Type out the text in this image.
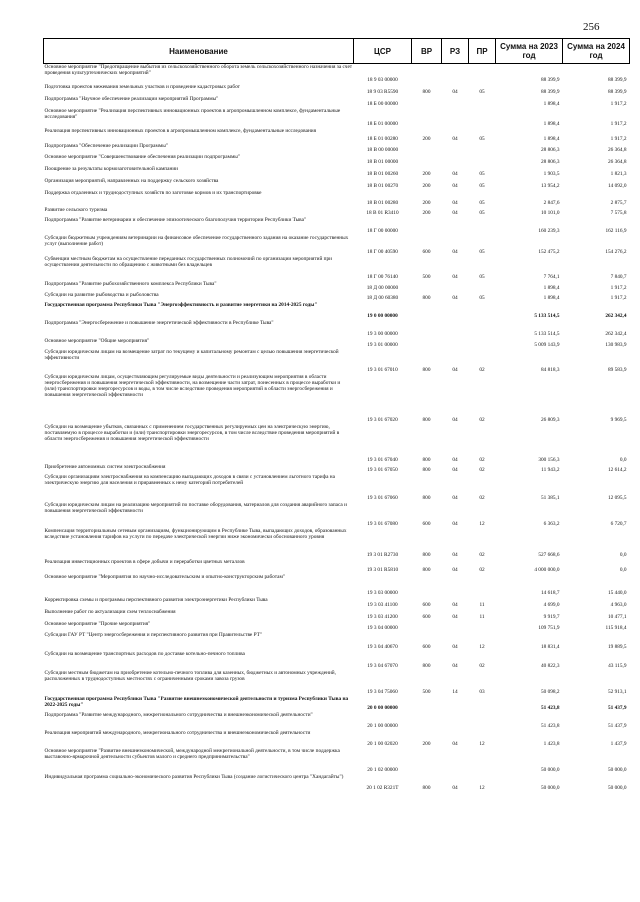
256
Наименование	ЦСР	ВР	РЗ	ПР	Сумма на 2023 год	Сумма на 2024 год
Основное мероприятие "Предотвращение выбытия из сельскохозяйственного оборота земель сельскохозяйственного назначения за счет проведения культуртехнических мероприятий"	18 9 03 00000				88 399,9	88 399,9
Подготовка проектов межевания земельных участков и проведение кадастровых работ	18 9 03 R5590	800	04	05	88 399,9	88 399,9
Подпрограмма "Научное обеспечение реализации мероприятий Программы"	18 Б 00 00000				1 898,4	1 917,2
Основное мероприятие "Реализация перспективных инновационных проектов в агропромышленном комплексе, фундаментальные исследования"	18 Б 01 00000				1 898,4	1 917,2
Реализация перспективных инновационных проектов в агропромышленном комплексе, фундаментальные исследования	18 Б 01 00280	200	04	05	1 898,4	1 917,2
Подпрограмма "Обеспечение реализации Программы"	18 В 00 00000				28 806,3	26 364,8
Основное мероприятие "Совершенствование обеспечения реализации подпрограммы"	18 В 01 00000				28 806,3	26 364,8
Поощрение за результаты кормозаготовительной кампании	18 В 01 00260	200	04	05	1 903,5	1 821,3
Организация мероприятий, направленных на поддержку сельского хозяйства	18 В 01 00270	200	04	05	13 954,2	14 092,0
Поддержка отдаленных и труднодоступных хозяйств по заготовке кормов и их транспортировке	18 В 01 00280	200	04	05	2 847,6	2 875,7
Развитие сельского туризма	18 В 01 R3410	200	04	05	10 101,0	7 575,8
Подпрограмма "Развитие ветеринарии и обеспечение эпизоотического благополучия территории Республики Тыва"	18 Г 00 00000				160 239,3	162 116,9
Субсидии бюджетным учреждениям ветеринарии на финансовое обеспечение государственного задания на оказание государственных услуг (выполнение работ)	18 Г 00 40590	600	04	05	152 475,2	154 276,2
Субвенции местным бюджетам на осуществление переданных государственных полномочий по организации мероприятий при осуществлении деятельности по обращению с животными без владельцев	18 Г 00 76140	500	04	05	7 764,1	7 840,7
Подпрограмма "Развитие рыбохозяйственного комплекса Республики Тыва"	18 Д 00 00000				1 898,4	1 917,2
Субсидии на развитие рыбоводства и рыболовства	18 Д 00 60380	800	04	05	1 898,4	1 917,2
Государственная программа Республики Тыва "Энергоэффективность и развитие энергетики на 2014-2025 годы"	19 0 00 00000				5 133 514,5	262 342,4
Подпрограмма "Энергосбережение и повышение энергетической эффективности в Республике Тыва"	19 3 00 00000				5 133 514,5	262 342,4
Основное мероприятие "Общие мероприятия"	19 3 01 00000				5 009 143,9	130 983,9
Субсидии юридическим лицам на возмещение затрат по текущему и капитальному ремонтам с целью повышения энергетической эффективности	19 3 01 67010	800	04	02	84 818,3	89 583,9
Субсидии юридическим лицам, осуществляющим регулируемые виды деятельности и реализующим мероприятия в области энергосбережения и повышения энергетической эффективности, на возмещение части затрат, понесенных в процессе выработки и (или) транспортировки энергоресурсов и воды, в том числе вследствие проведения мероприятий в области энергосбережения и повышения энергетической эффективности	19 3 01 67020	800	04	02	26 809,3	9 969,5
Субсидии на возмещение убытков, связанных с применением государственных регулируемых цен на электрическую энергию, поставляемую в процессе выработки и (или) транспортировки энергоресурсов, в том числе вследствие проведения мероприятий в области энергосбережения и повышения энергетической эффективности	19 3 01 67040	800	04	02	300 156,3	0,0
Приобретение автономных систем электроснабжения	19 3 01 67050	800	04	02	11 943,2	12 614,2
Субсидии организациям электроснабжения на компенсацию выпадающих доходов в связи с установлением льготного тарифа на электрическую энергию для населения и приравненных к нему категорий потребителей	19 3 01 67060	800	04	02	51 385,1	12 095,5
Субсидии юридическим лицам на реализацию мероприятий по поставке оборудования, материалов для создания аварийного запаса и повышения энергетической эффективности	19 3 01 67080	600	04	12	6 363,2	6 720,7
Компенсация территориальным сетевым организациям, функционирующим в Республике Тыва, выпадающих доходов, образованных вследствие установления тарифов на услуги по передаче электрической энергии ниже экономически обоснованного уровня	19 3 01 R2730	800	04	02	527 668,6	0,0
Реализация инвестиционных проектов в сфере добычи и переработки цветных металлов	19 3 01 R5810	800	04	02	4 000 000,0	0,0
Основное мероприятие "Мероприятия по научно-исследовательским и опытно-конструкторским работам"	19 3 03 00000				14 618,7	15 440,0
Корректировка схемы и программы перспективного развития электроэнергетики Республики Тыва	19 3 03 41100	600	04	11	4 699,0	4 963,0
Выполнение работ по актуализации схем теплоснабжения	19 3 03 41200	600	04	11	9 919,7	10 477,1
Основное мероприятие "Прочие мероприятия"	19 3 04 00000				109 751,9	115 918,4
Субсидии ГАУ РТ "Центр энергосбережения и перспективного развития при Правительстве РТ"	19 3 04 40670	600	04	12	18 831,4	19 889,5
Субсидии на возмещение транспортных расходов по доставке котельно-печного топлива	19 3 04 67070	800	04	02	40 822,3	43 115,9
Субсидии местным бюджетам на приобретение котельно-печного топлива для казенных, бюджетных и автономных учреждений, расположенных в труднодоступных местностях с ограниченными сроками завоза грузов	19 3 04 75060	500	14	03	50 098,2	52 913,1
Государственная программа Республики Тыва "Развитие внешнеэкономической деятельности и туризма Республики Тыва на 2022-2025 годы"	20 0 00 00000				51 423,8	51 437,9
Подпрограмма "Развитие международного, межрегионального сотрудничества и внешнеэкономической деятельности"	20 1 00 00000				51 423,8	51 437,9
Реализация мероприятий международного, межрегионального сотрудничества и внешнеэкономической деятельности	20 1 00 02020	200	04	12	1 423,8	1 437,9
Основное мероприятие "Развитие внешнеэкономической, международной межрегиональной деятельности, в том числе поддержка выставочно-ярмарочной деятельности субъектов малого и среднего предпринимательства"	20 1 02 00000				50 000,0	50 000,0
Индивидуальная программа социально-экономического развития Республики Тыва (создание логистического центра "Хандагайты")	20 1 02 R321Т	800	04	12	50 000,0	50 000,0
